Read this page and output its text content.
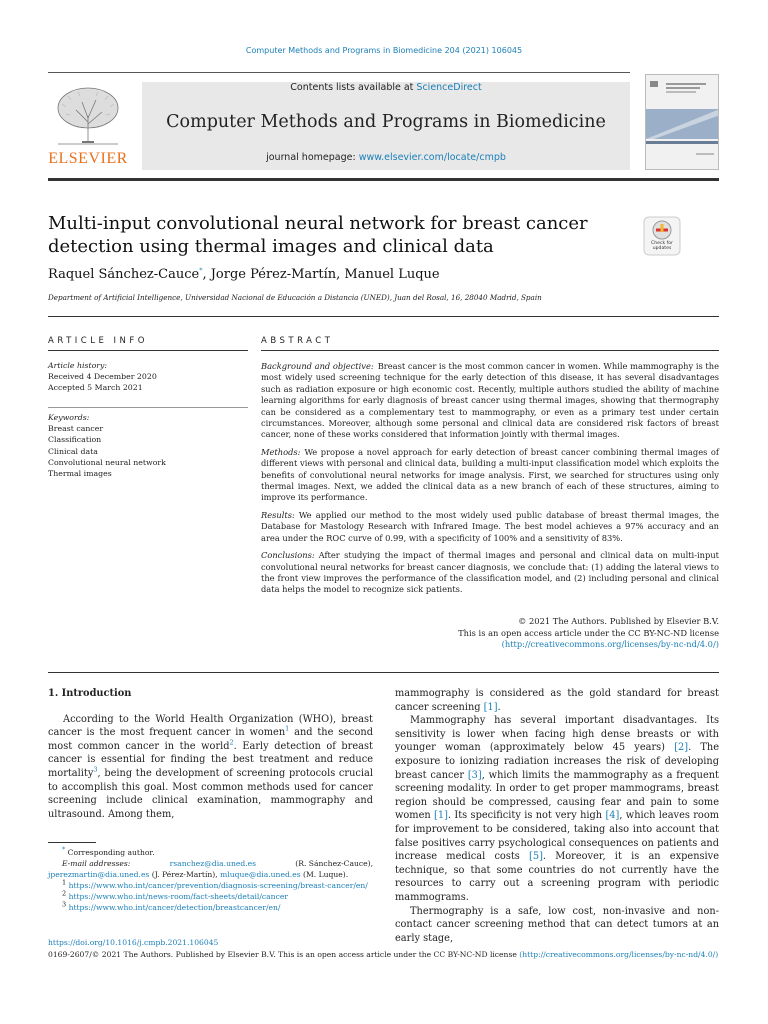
Computer Methods and Programs in Biomedicine 204 (2021) 106045
ELSEVIER
Contents lists available at ScienceDirect
Computer Methods and Programs in Biomedicine
journal homepage: www.elsevier.com/locate/cmpb
Multi-input convolutional neural network for breast cancer detection using thermal images and clinical data	Check for updates
Raquel Sánchez-Cauce*, Jorge Pérez-Martín, Manuel Luque
Department of Artificial Intelligence, Universidad Nacional de Educación a Distancia (UNED), Juan del Rosal, 16, 28040 Madrid, Spain
ARTICLE INFO	ABSTRACT
Article history:
Received 4 December 2020
Accepted 5 March 2021
Keywords:
Breast cancer
Classification
Clinical data
Convolutional neural network
Thermal images

Background and objective: Breast cancer is the most common cancer in women. While mammography is the most widely used screening technique for the early detection of this disease, it has several disadvantages such as radiation exposure or high economic cost. Recently, multiple authors studied the ability of machine learning algorithms for early diagnosis of breast cancer using thermal images, showing that thermography can be considered as a complementary test to mammography, or even as a primary test under certain circumstances. Moreover, although some personal and clinical data are considered risk factors of breast cancer, none of these works considered that information jointly with thermal images.

Methods: We propose a novel approach for early detection of breast cancer combining thermal images of different views with personal and clinical data, building a multi-input classification model which exploits the benefits of convolutional neural networks for image analysis. First, we searched for structures using only thermal images. Next, we added the clinical data as a new branch of each of these structures, aiming to improve its performance.

Results: We applied our method to the most widely used public database of breast thermal images, the Database for Mastology Research with Infrared Image. The best model achieves a 97% accuracy and an area under the ROC curve of 0.99, with a specificity of 100% and a sensitivity of 83%.

Conclusions: After studying the impact of thermal images and personal and clinical data on multi-input convolutional neural networks for breast cancer diagnosis, we conclude that: (1) adding the lateral views to the front view improves the performance of the classification model, and (2) including personal and clinical data helps the model to recognize sick patients.

© 2021 The Authors. Published by Elsevier B.V.
This is an open access article under the CC BY-NC-ND license
(http://creativecommons.org/licenses/by-nc-nd/4.0/)
1. Introduction

According to the World Health Organization (WHO), breast cancer is the most frequent cancer in women$^1$ and the second most common cancer in the world$^2$. Early detection of breast cancer is essential for finding the best treatment and reduce mortality$^3$, being the development of screening protocols crucial to accomplish this goal. Most common methods used for cancer screening include clinical examination, mammography and ultrasound. Among them,

mammography is considered as the gold standard for breast cancer screening [1].

Mammography has several important disadvantages. Its sensitivity is lower when facing high dense breasts or with younger woman (approximately below 45 years) [2]. The exposure to ionizing radiation increases the risk of developing breast cancer [3], which limits the mammography as a frequent screening modality. In order to get proper mammograms, breast region should be compressed, causing fear and pain to some women [1]. Its specificity is not very high [4], which leaves room for improvement to be considered, taking also into account that false positives carry psychological consequences on patients and increase medical costs [5]. Moreover, it is an expensive technique, so that some countries do not currently have the resources to carry out a screening program with periodic mammograms.

Thermography is a safe, low cost, non-invasive and non-contact cancer screening method that can detect tumors at an early stage,

* Corresponding author.
E-mail addresses:	rsanchez@dia.uned.es	(R. Sánchez-Cauce),
jperezmartin@dia.uned.es (J. Pérez-Martín), mluque@dia.uned.es (M. Luque).
$^1$ https://www.who.int/cancer/prevention/diagnosis-screening/breast-cancer/en/
$^2$ https://www.who.int/news-room/fact-sheets/detail/cancer
$^3$ https://www.who.int/cancer/detection/breastcancer/en/
https://doi.org/10.1016/j.cmpb.2021.106045
0169-2607/© 2021 The Authors. Published by Elsevier B.V. This is an open access article under the CC BY-NC-ND license (http://creativecommons.org/licenses/by-nc-nd/4.0/)
